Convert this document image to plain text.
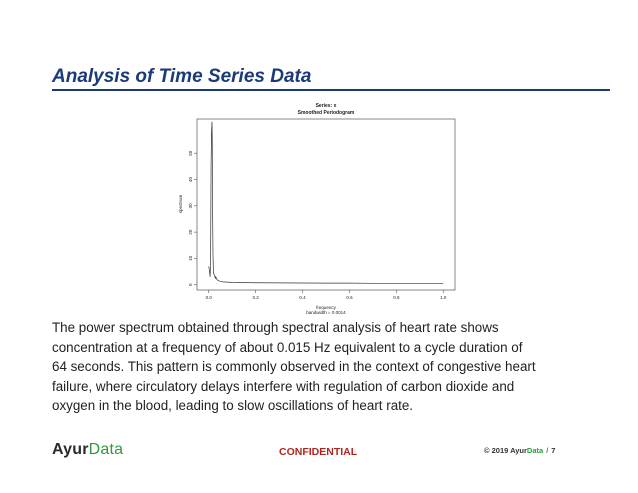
Analysis of Time Series Data
Series: x
Smoothed Periodogram
0.0	0.2	0.4	0.6	0.8	1.0
0
10
20
30
40
50
frequency
bandwidth = 0.0014
spectrum
The power spectrum obtained through spectral analysis of heart rate shows
concentration at a frequency of about 0.015 Hz equivalent to a cycle duration of
64 seconds. This pattern is commonly observed in the context of congestive heart
failure, where circulatory delays interfere with regulation of carbon dioxide and
oxygen in the blood, leading to slow oscillations of heart rate.
AyurData	CONFIDENTIAL	© 2019 AyurData / 7
